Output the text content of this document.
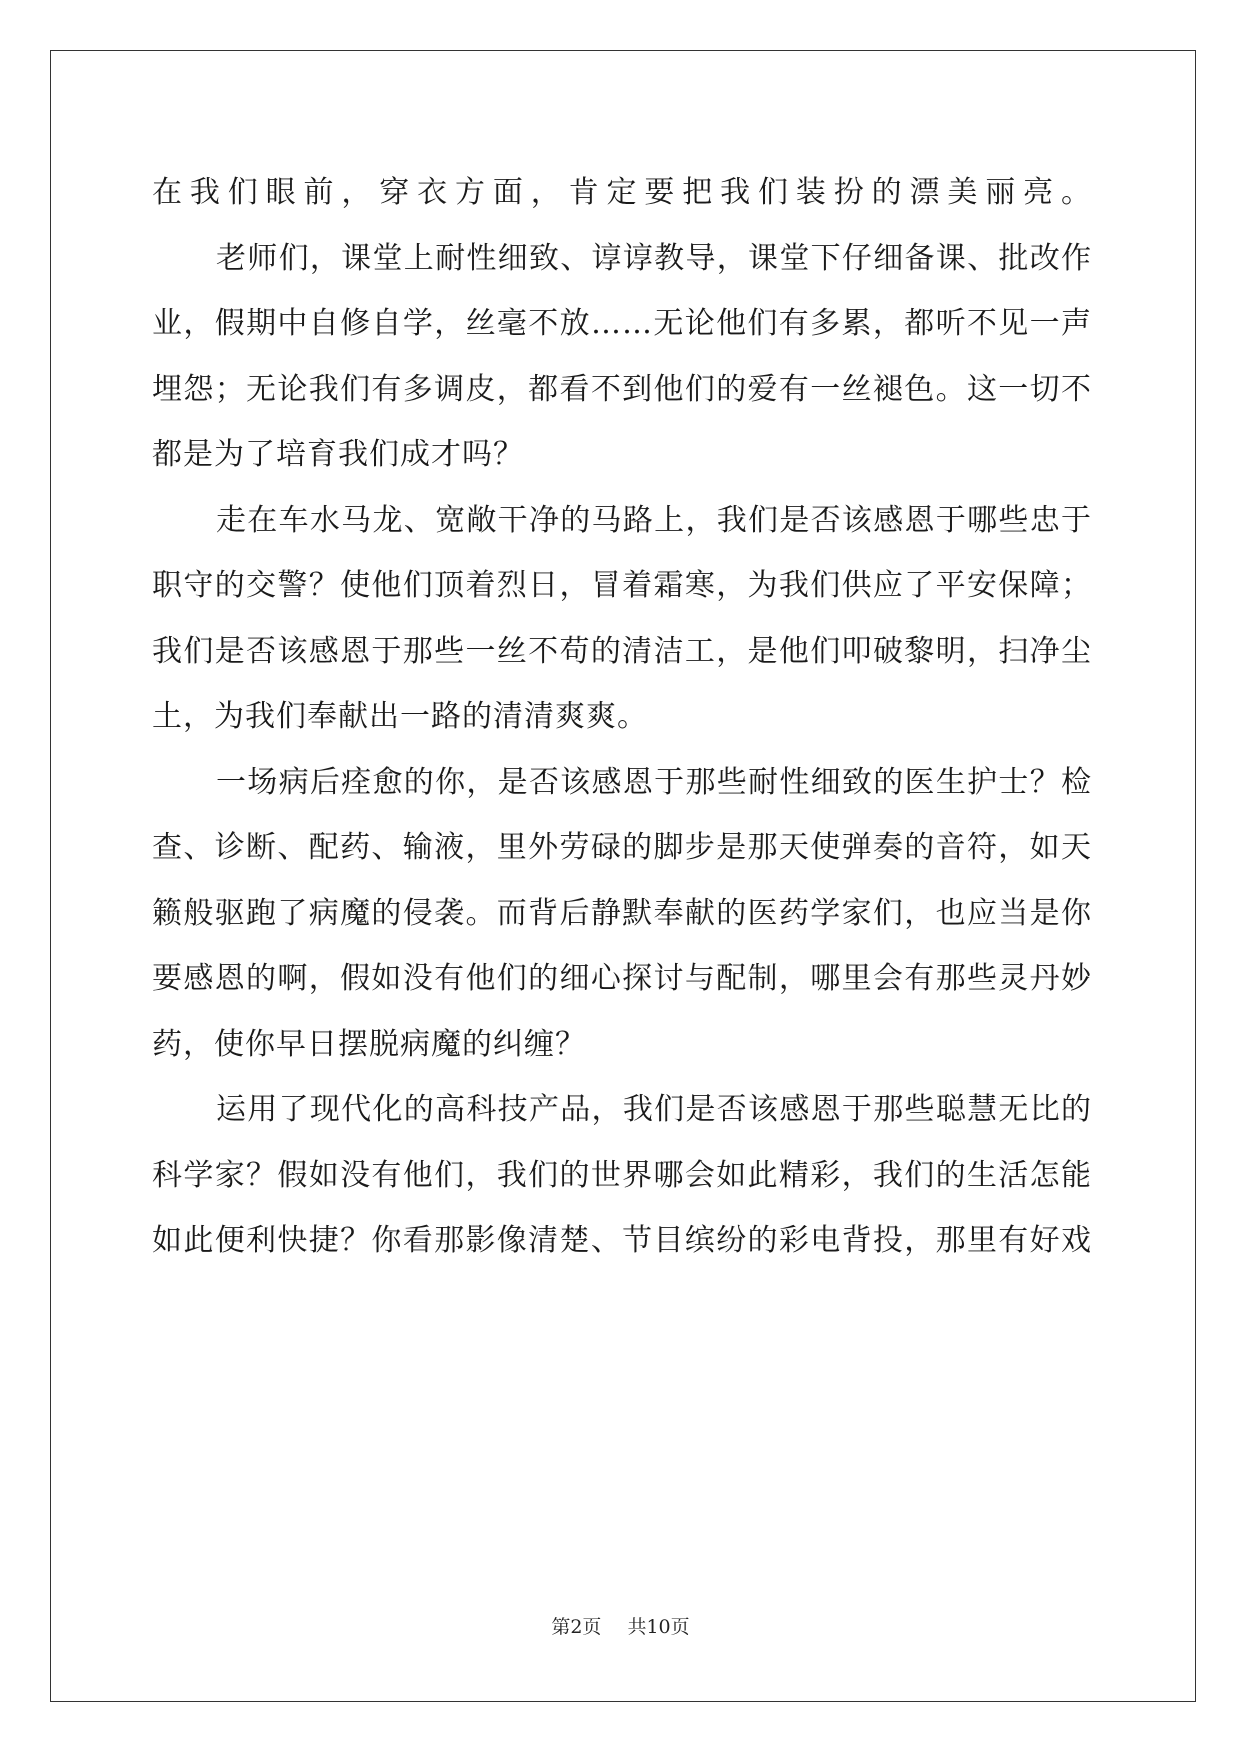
在我们眼前，穿衣方面，肯定要把我们装扮的漂美丽亮。
老师们，课堂上耐性细致、谆谆教导，课堂下仔细备课、批改作
业，假期中自修自学，丝毫不放……无论他们有多累，都听不见一声
埋怨；无论我们有多调皮，都看不到他们的爱有一丝褪色。这一切不
都是为了培育我们成才吗？
走在车水马龙、宽敞干净的马路上，我们是否该感恩于哪些忠于
职守的交警？使他们顶着烈日，冒着霜寒，为我们供应了平安保障；
我们是否该感恩于那些一丝不苟的清洁工，是他们叩破黎明，扫净尘
土，为我们奉献出一路的清清爽爽。
一场病后痊愈的你，是否该感恩于那些耐性细致的医生护士？检
查、诊断、配药、输液，里外劳碌的脚步是那天使弹奏的音符，如天
籁般驱跑了病魔的侵袭。而背后静默奉献的医药学家们，也应当是你
要感恩的啊，假如没有他们的细心探讨与配制，哪里会有那些灵丹妙
药，使你早日摆脱病魔的纠缠？
运用了现代化的高科技产品，我们是否该感恩于那些聪慧无比的
科学家？假如没有他们，我们的世界哪会如此精彩，我们的生活怎能
如此便利快捷？你看那影像清楚、节目缤纷的彩电背投，那里有好戏
第2页 共10页
